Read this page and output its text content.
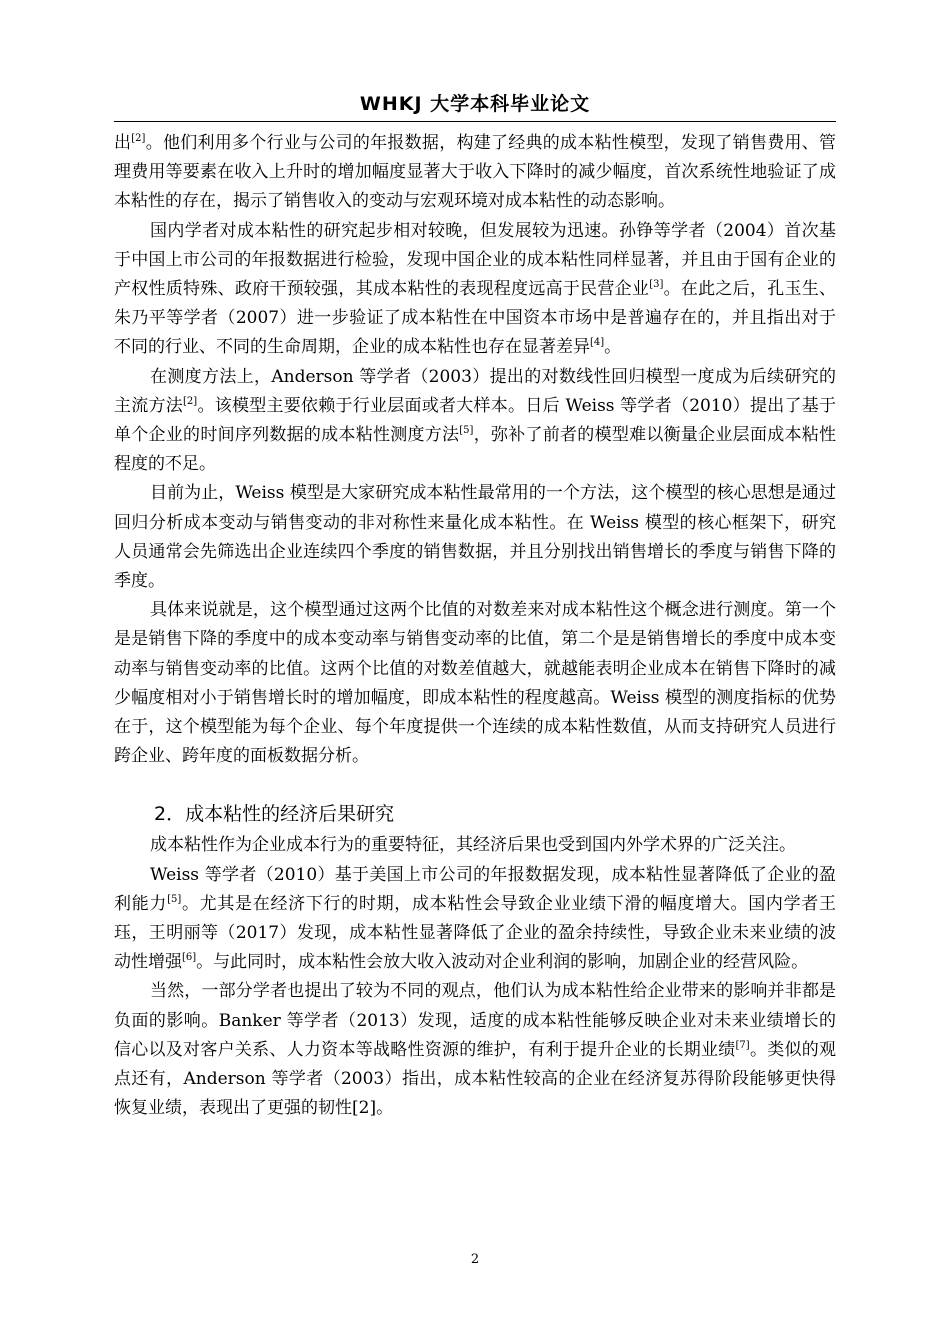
WHKJ 大学本科毕业论文

出[2]。他们利用多个行业与公司的年报数据，构建了经典的成本粘性模型，发现了销售费用、管理费用等要素在收入上升时的增加幅度显著大于收入下降时的减少幅度，首次系统性地验证了成本粘性的存在，揭示了销售收入的变动与宏观环境对成本粘性的动态影响。

国内学者对成本粘性的研究起步相对较晚，但发展较为迅速。孙铮等学者（2004）首次基于中国上市公司的年报数据进行检验，发现中国企业的成本粘性同样显著，并且由于国有企业的产权性质特殊、政府干预较强，其成本粘性的表现程度远高于民营企业[3]。在此之后，孔玉生、朱乃平等学者（2007）进一步验证了成本粘性在中国资本市场中是普遍存在的，并且指出对于不同的行业、不同的生命周期，企业的成本粘性也存在显著差异[4]。

在测度方法上，Anderson 等学者（2003）提出的对数线性回归模型一度成为后续研究的主流方法[2]。该模型主要依赖于行业层面或者大样本。日后 Weiss 等学者（2010）提出了基于单个企业的时间序列数据的成本粘性测度方法[5]，弥补了前者的模型难以衡量企业层面成本粘性程度的不足。

目前为止，Weiss 模型是大家研究成本粘性最常用的一个方法，这个模型的核心思想是通过回归分析成本变动与销售变动的非对称性来量化成本粘性。在 Weiss 模型的核心框架下，研究人员通常会先筛选出企业连续四个季度的销售数据，并且分别找出销售增长的季度与销售下降的季度。

具体来说就是，这个模型通过这两个比值的对数差来对成本粘性这个概念进行测度。第一个是是销售下降的季度中的成本变动率与销售变动率的比值，第二个是是销售增长的季度中成本变动率与销售变动率的比值。这两个比值的对数差值越大，就越能表明企业成本在销售下降时的减少幅度相对小于销售增长时的增加幅度，即成本粘性的程度越高。Weiss 模型的测度指标的优势在于，这个模型能为每个企业、每个年度提供一个连续的成本粘性数值，从而支持研究人员进行跨企业、跨年度的面板数据分析。

2．成本粘性的经济后果研究

成本粘性作为企业成本行为的重要特征，其经济后果也受到国内外学术界的广泛关注。

Weiss 等学者（2010）基于美国上市公司的年报数据发现，成本粘性显著降低了企业的盈利能力[5]。尤其是在经济下行的时期，成本粘性会导致企业业绩下滑的幅度增大。国内学者王珏，王明丽等（2017）发现，成本粘性显著降低了企业的盈余持续性，导致企业未来业绩的波动性增强[6]。与此同时，成本粘性会放大收入波动对企业利润的影响，加剧企业的经营风险。

当然，一部分学者也提出了较为不同的观点，他们认为成本粘性给企业带来的影响并非都是负面的影响。Banker 等学者（2013）发现，适度的成本粘性能够反映企业对未来业绩增长的信心以及对客户关系、人力资本等战略性资源的维护，有利于提升企业的长期业绩[7]。类似的观点还有，Anderson 等学者（2003）指出，成本粘性较高的企业在经济复苏得阶段能够更快得恢复业绩，表现出了更强的韧性[2]。

2
